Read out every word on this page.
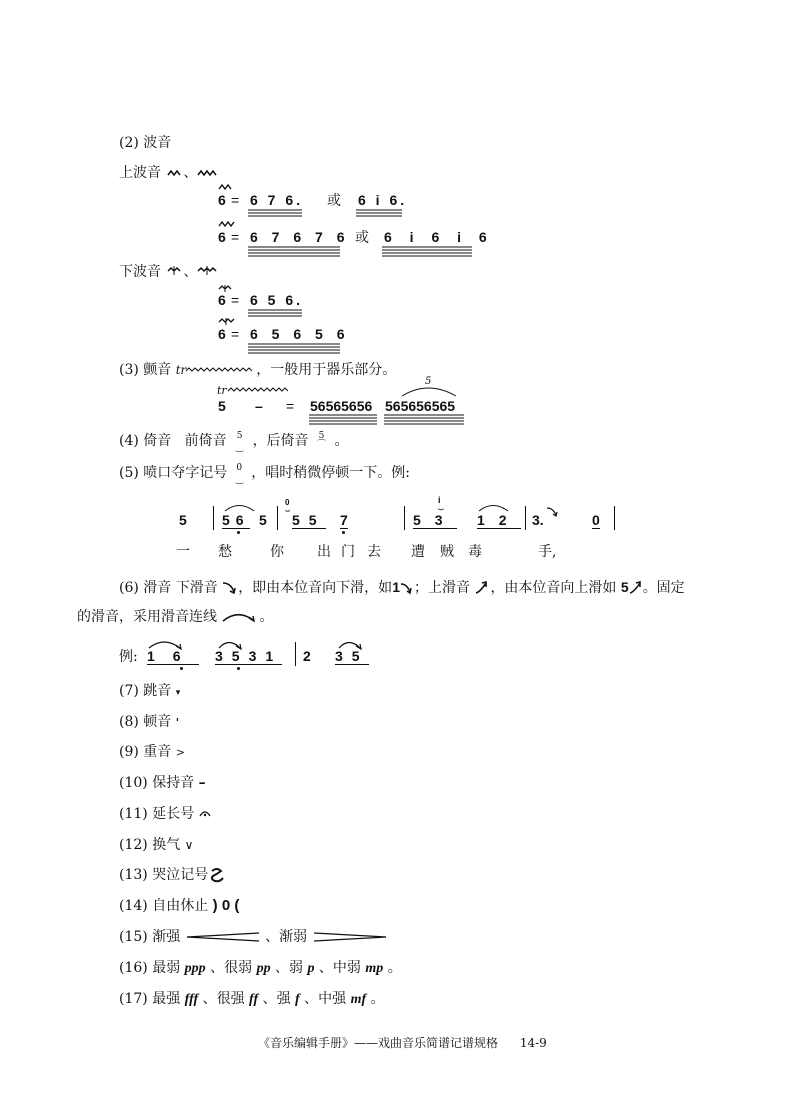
(2) 波音
上波音 、
6 = 6 7 6. 或 6 i 6.
6 = 6 7 6 7 6 或 6 i 6 i 6
下波音 、
6 = 6 5 6.
6 = 6 5 6 5 6
(3) 颤音 tr	，一般用于器乐部分。
tr
5 – = 56565656
5
565656565
(4) 倚音 前倚音 5
⌒ ，后倚音 5
⌒ 。
(5) 喷口夺字记号 0
⌒ ，唱时稍微停顿一下。例:
5	56 5
0
⌣
55 7
i
⌣
53 12 3.	0
一 愁	你 出 门 去 遭 贼 毒	手,
(6) 滑音 下滑音 ，即由本位音向下滑，如1 ；上滑音 ，由本位音向上滑如 5 。固定
的滑音，采用滑音连线	。
例: 16 3531 2 35
(7) 跳音 ▾
(8) 顿音 '
(9) 重音 >
(10) 保持音 –
(11) 延长号
(12) 换气 ∨
(13) 哭泣记号
(14) 自由休止 ) 0 (
(15) 渐强	、渐弱
(16) 最弱 ppp 、很弱 pp 、弱 p 、中弱 mp 。
(17) 最强 fff 、很强 ff 、强 f 、中强 mf 。
《音乐编辑手册》——戏曲音乐简谱记谱规格 14-9
